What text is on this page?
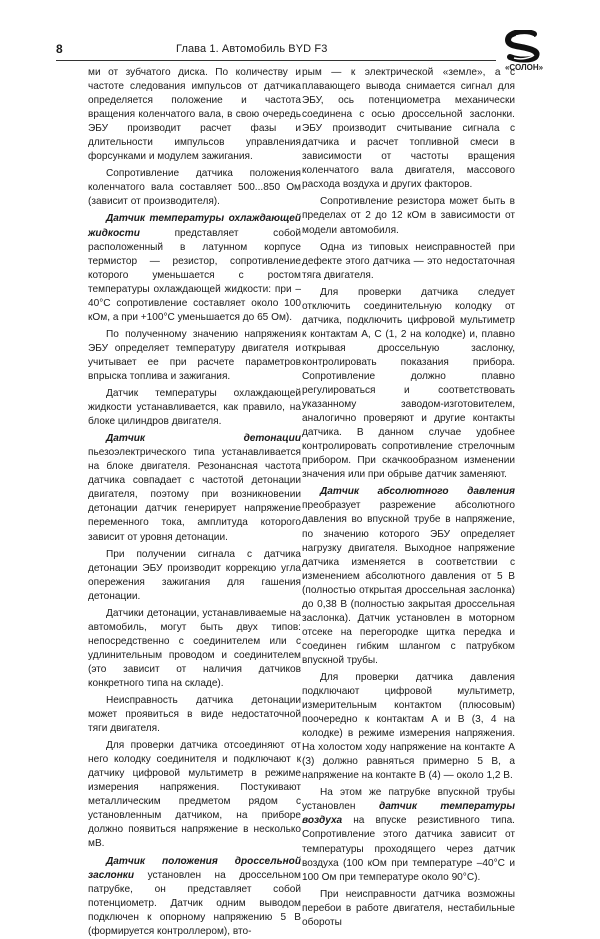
8	Глава 1. Автомобиль BYD F3
«СОЛОН»

ми от зубчатого диска. По количеству и частоте следования импульсов от датчика определяется положение и частота вращения коленчатого вала, в свою очередь ЭБУ производит расчет фазы и длительности импульсов управления форсунками и модулем зажигания.

Сопротивление датчика положения коленчатого вала составляет 500...850 Ом (зависит от производителя).

Датчик температуры охлаждающей жидкости представляет собой расположенный в латунном корпусе термистор — резистор, сопротивление которого уменьшается с ростом температуры охлаждающей жидкости: при –40°C сопротивление составляет около 100 кОм, а при +100°C уменьшается до 65 Ом).

По полученному значению напряжения ЭБУ определяет температуру двигателя и учитывает ее при расчете параметров впрыска топлива и зажигания.

Датчик температуры охлаждающей жидкости устанавливается, как правило, на блоке цилиндров двигателя.

Датчик детонации пьезоэлектрического типа устанавливается на блоке двигателя. Резонансная частота датчика совпадает с частотой детонации двигателя, поэтому при возникновении детонации датчик генерирует напряжение переменного тока, амплитуда которого зависит от уровня детонации.

При получении сигнала с датчика детонации ЭБУ производит коррекцию угла опережения зажигания для гашения детонации.

Датчики детонации, устанавливаемые на автомобиль, могут быть двух типов: непосредственно с соединителем или с удлинительным проводом и соединителем (это зависит от наличия датчиков конкретного типа на складе).

Неисправность датчика детонации может проявиться в виде недостаточной тяги двигателя.

Для проверки датчика отсоединяют от него колодку соединителя и подключают к датчику цифровой мультиметр в режиме измерения напряжения. Постукивают металлическим предметом рядом с установленным датчиком, на приборе должно появиться напряжение в несколько мВ.

Датчик положения дроссельной заслонки установлен на дроссельном патрубке, он представляет собой потенциометр. Датчик одним выводом подключен к опорному напряжению 5 В (формируется контроллером), вто-

рым — к электрической «земле», а с плавающего вывода снимается сигнал для ЭБУ, ось потенциометра механически соединена с осью дроссельной заслонки. ЭБУ производит считывание сигнала с датчика и расчет топливной смеси в зависимости от частоты вращения коленчатого вала двигателя, массового расхода воздуха и других факторов.

Сопротивление резистора может быть в пределах от 2 до 12 кОм в зависимости от модели автомобиля.

Одна из типовых неисправностей при дефекте этого датчика — это недостаточная тяга двигателя.

Для проверки датчика следует отключить соединительную колодку от датчика, подключить цифровой мультиметр к контактам A, C (1, 2 на колодке) и, плавно открывая дроссельную заслонку, контролировать показания прибора. Сопротивление должно плавно регулироваться и соответствовать указанному заводом-изготовителем, аналогично проверяют и другие контакты датчика. В данном случае удобнее контролировать сопротивление стрелочным прибором. При скачкообразном изменении значения или при обрыве датчик заменяют.

Датчик абсолютного давления преобразует разрежение абсолютного давления во впускной трубе в напряжение, по значению которого ЭБУ определяет нагрузку двигателя. Выходное напряжение датчика изменяется в соответствии с изменением абсолютного давления от 5 В (полностью открытая дроссельная заслонка) до 0,38 В (полностью закрытая дроссельная заслонка). Датчик установлен в моторном отсеке на перегородке щитка передка и соединен гибким шлангом с патрубком впускной трубы.

Для проверки датчика давления подключают цифровой мультиметр, измерительным контактом (плюсовым) поочередно к контактам A и B (3, 4 на колодке) в режиме измерения напряжения. На холостом ходу напряжение на контакте A (3) должно равняться примерно 5 В, а напряжение на контакте B (4) — около 1,2 В.

На этом же патрубке впускной трубы установлен датчик температуры воздуха на впуске резистивного типа. Сопротивление этого датчика зависит от температуры проходящего через датчик воздуха (100 кОм при температуре –40°C и 100 Ом при температуре около 90°C).

При неисправности датчика возможны перебои в работе двигателя, нестабильные обороты
